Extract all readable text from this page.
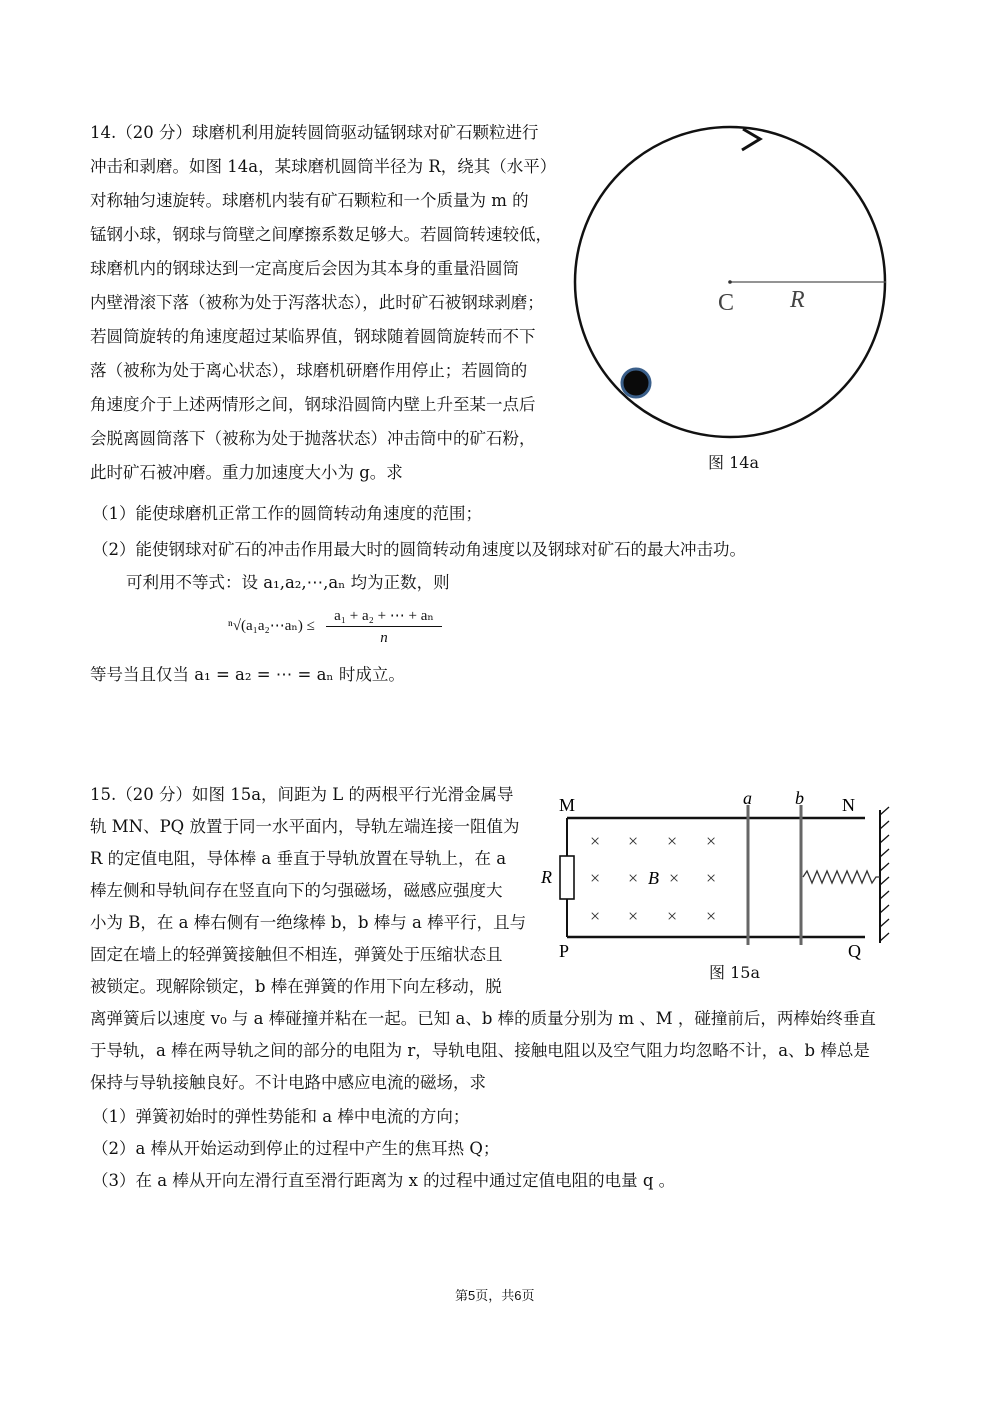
14.（20 分）球磨机利用旋转圆筒驱动锰钢球对矿石颗粒进行
冲击和剥磨。如图 14a，某球磨机圆筒半径为 R，绕其（水平）
对称轴匀速旋转。球磨机内装有矿石颗粒和一个质量为 m 的
锰钢小球，钢球与筒壁之间摩擦系数足够大。若圆筒转速较低，
球磨机内的钢球达到一定高度后会因为其本身的重量沿圆筒
内壁滑滚下落（被称为处于泻落状态），此时矿石被钢球剥磨；
若圆筒旋转的角速度超过某临界值，钢球随着圆筒旋转而不下
落（被称为处于离心状态），球磨机研磨作用停止；若圆筒的
角速度介于上述两情形之间，钢球沿圆筒内壁上升至某一点后
会脱离圆筒落下（被称为处于抛落状态）冲击筒中的矿石粉，
此时矿石被冲磨。重力加速度大小为 g。求
（1）能使球磨机正常工作的圆筒转动角速度的范围；
（2）能使钢球对矿石的冲击作用最大时的圆筒转动角速度以及钢球对矿石的最大冲击功。
可利用不等式：设 a₁,a₂,⋯,aₙ 均为正数，则
ⁿ√(a₁a₂⋯aₙ) ≤
a₁ + a₂ + ⋯ + aₙ
n
等号当且仅当 a₁ = a₂ = ⋯ = aₙ 时成立。
C R
图 14a
15.（20 分）如图 15a，间距为 L 的两根平行光滑金属导
轨 MN、PQ 放置于同一水平面内，导轨左端连接一阻值为
R 的定值电阻，导体棒 a 垂直于导轨放置在导轨上，在 a
棒左侧和导轨间存在竖直向下的匀强磁场，磁感应强度大
小为 B，在 a 棒右侧有一绝缘棒 b，b 棒与 a 棒平行，且与
固定在墙上的轻弹簧接触但不相连，弹簧处于压缩状态且
被锁定。现解除锁定，b 棒在弹簧的作用下向左移动，脱
离弹簧后以速度 v₀ 与 a 棒碰撞并粘在一起。已知 a、b 棒的质量分别为 m 、M ，碰撞前后，两棒始终垂直
于导轨，a 棒在两导轨之间的部分的电阻为 r，导轨电阻、接触电阻以及空气阻力均忽略不计，a、b 棒总是
保持与导轨接触良好。不计电路中感应电流的磁场，求
（1）弹簧初始时的弹性势能和 a 棒中电流的方向；
（2）a 棒从开始运动到停止的过程中产生的焦耳热 Q；
（3）在 a 棒从开向左滑行直至滑行距离为 x 的过程中通过定值电阻的电量 q 。
× × × ×
× × × ×
× × × ×
M	N
P	Q
a b
R	B
图 15a
第5页，共6页
